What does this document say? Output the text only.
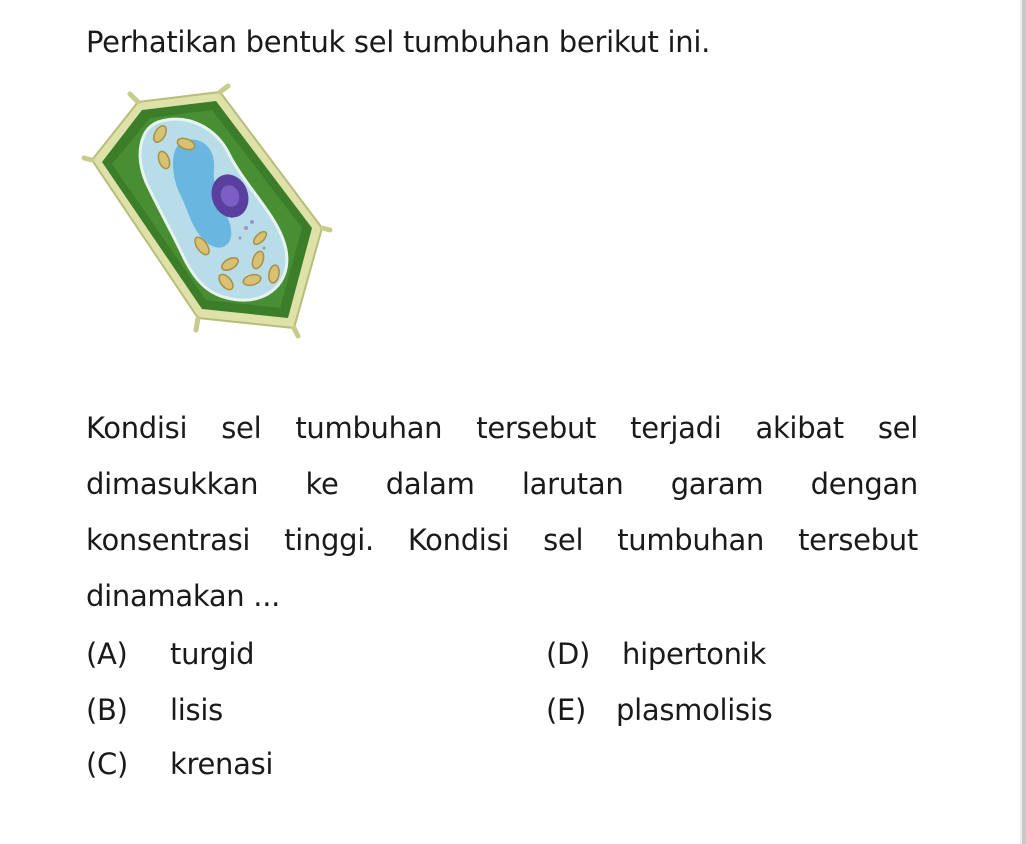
Perhatikan bentuk sel tumbuhan berikut ini.
Kondisi sel tumbuhan tersebut terjadi akibat sel
dimasukkan ke dalam larutan garam dengan
konsentrasi tinggi. Kondisi sel tumbuhan tersebut
dinamakan
...
(A) turgid
(B) lisis
(C) krenasi
(D) hipertonik
(E) plasmolisis
